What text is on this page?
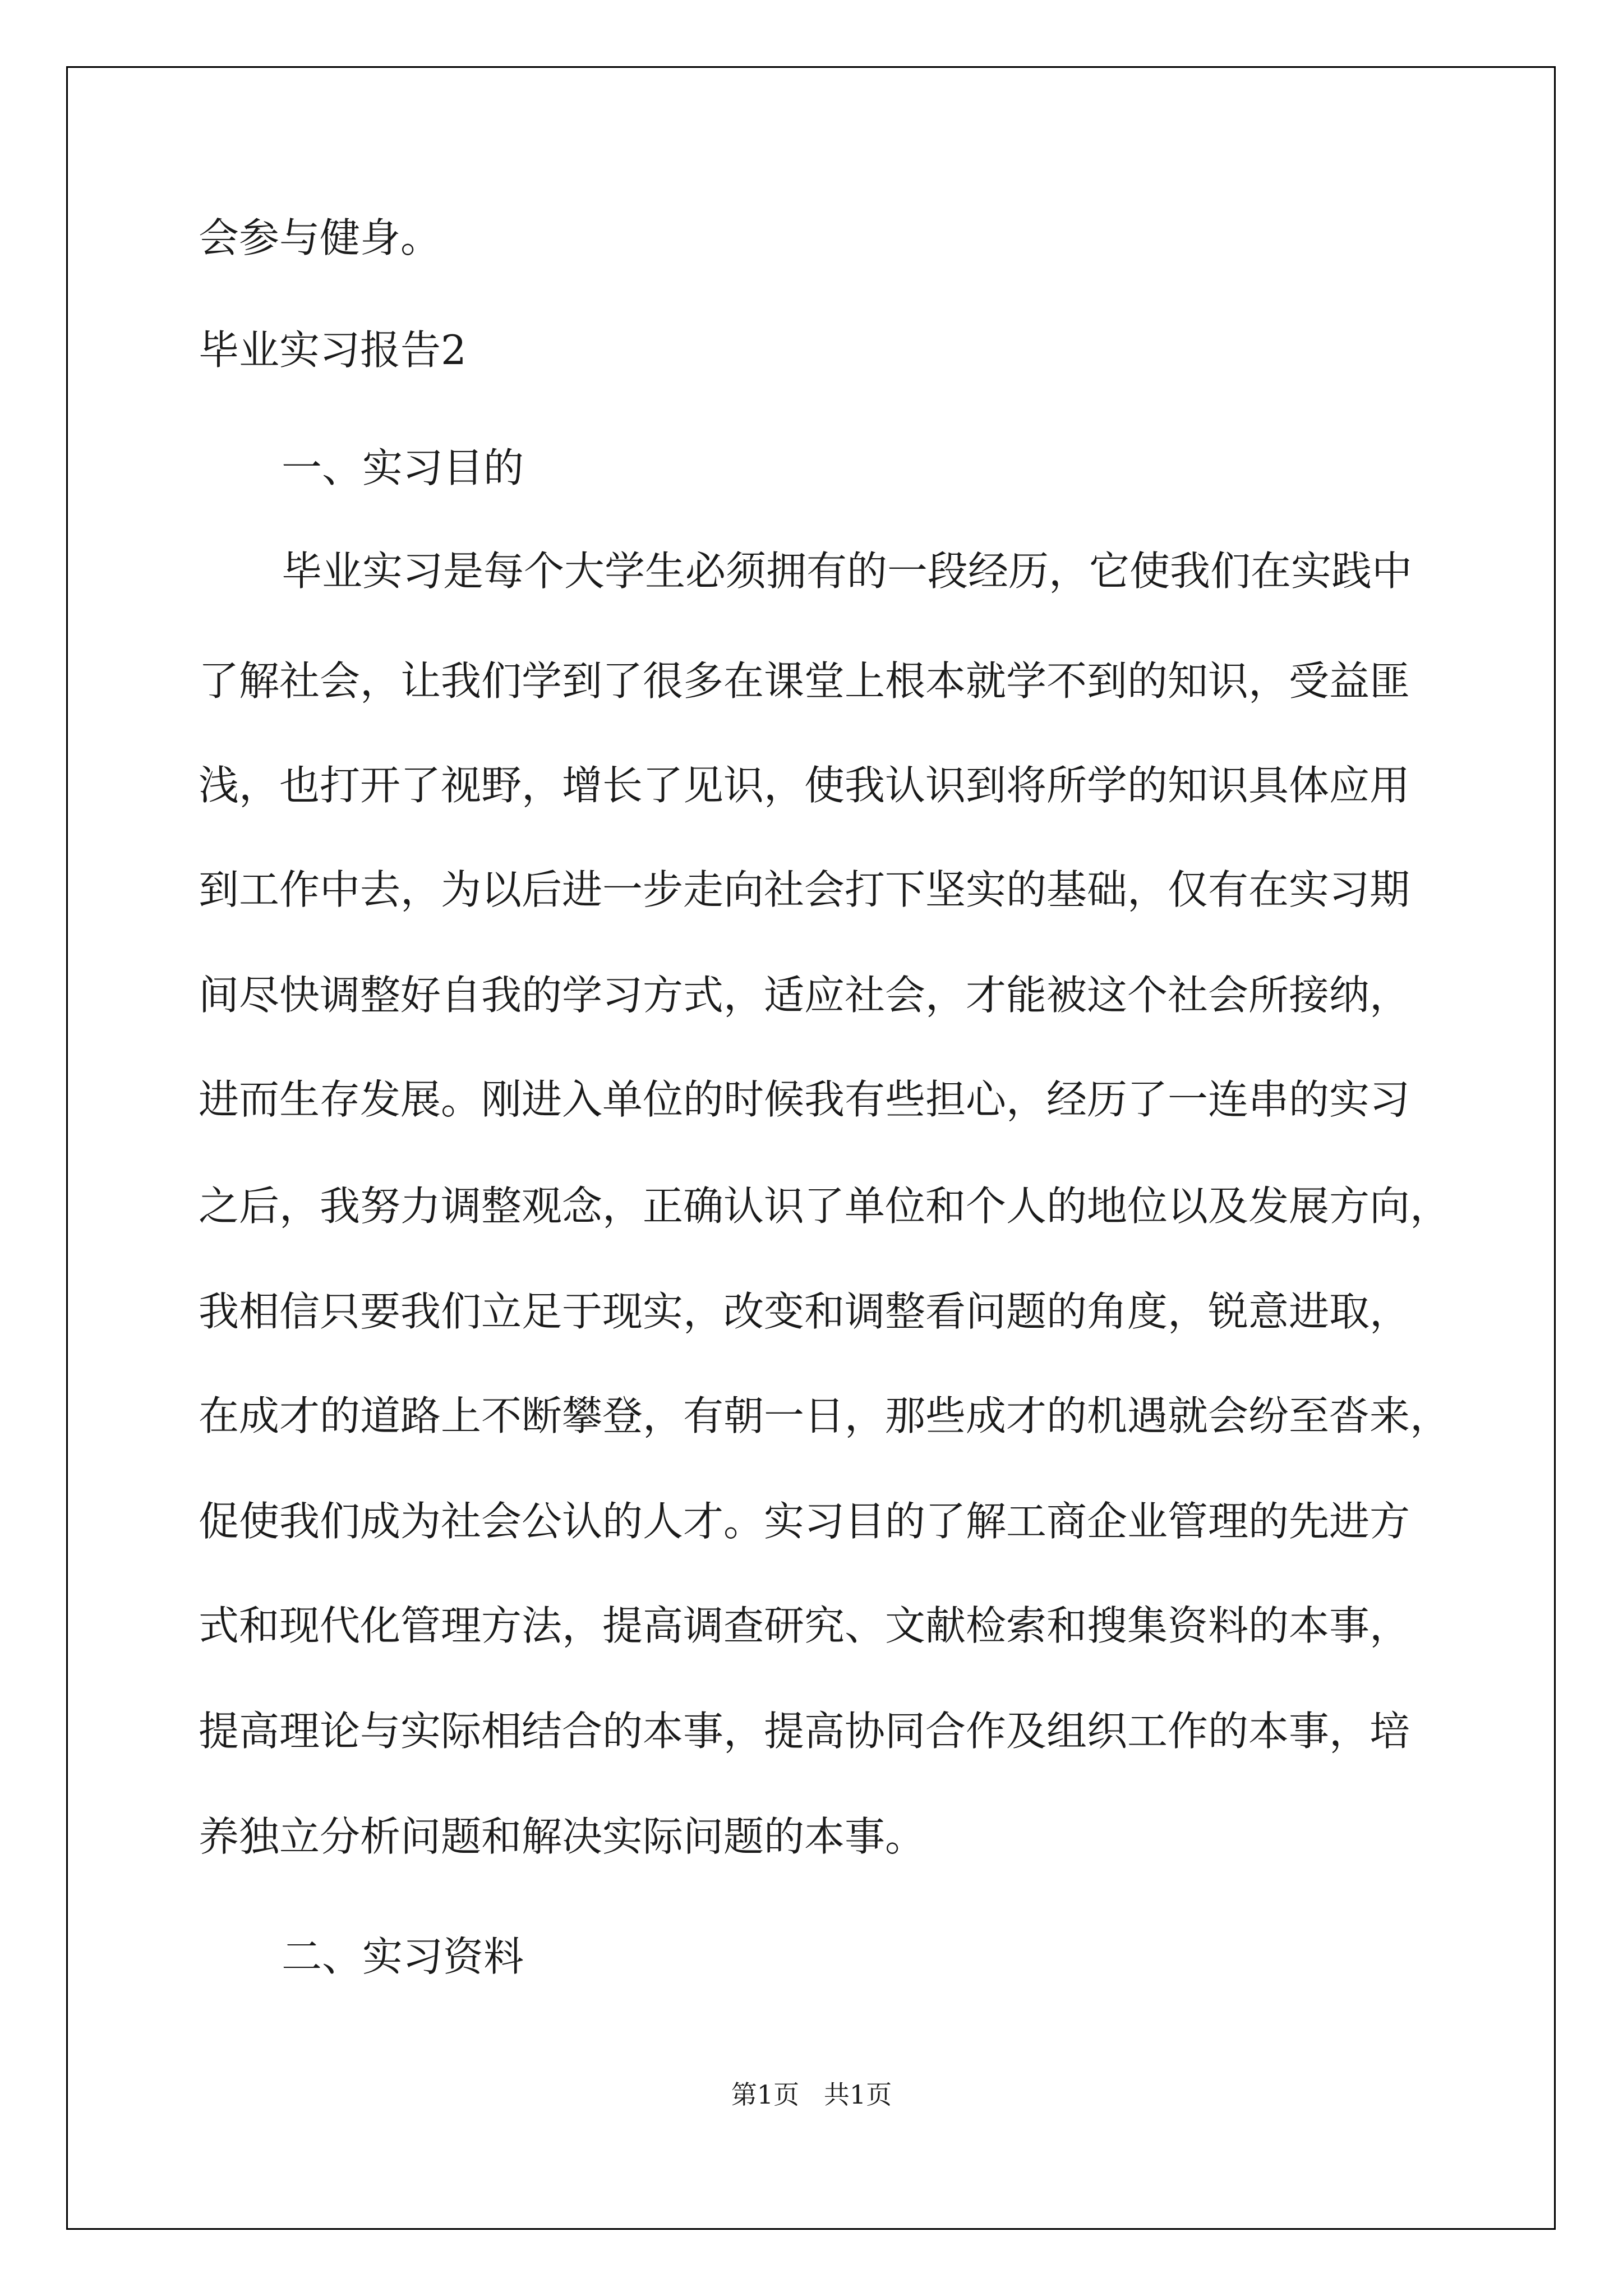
会参与健身。

毕业实习报告2

一、实习目的

毕业实习是每个大学生必须拥有的一段经历，它使我们在实践中

了解社会，让我们学到了很多在课堂上根本就学不到的知识，受益匪

浅，也打开了视野，增长了见识，使我认识到将所学的知识具体应用

到工作中去，为以后进一步走向社会打下坚实的基础，仅有在实习期

间尽快调整好自我的学习方式，适应社会，才能被这个社会所接纳，

进而生存发展。刚进入单位的时候我有些担心，经历了一连串的实习

之后，我努力调整观念，正确认识了单位和个人的地位以及发展方向，

我相信只要我们立足于现实，改变和调整看问题的角度，锐意进取，

在成才的道路上不断攀登，有朝一日，那些成才的机遇就会纷至沓来，

促使我们成为社会公认的人才。实习目的了解工商企业管理的先进方

式和现代化管理方法，提高调查研究、文献检索和搜集资料的本事，

提高理论与实际相结合的本事，提高协同合作及组织工作的本事，培

养独立分析问题和解决实际问题的本事。

二、实习资料

第1页   共1页
